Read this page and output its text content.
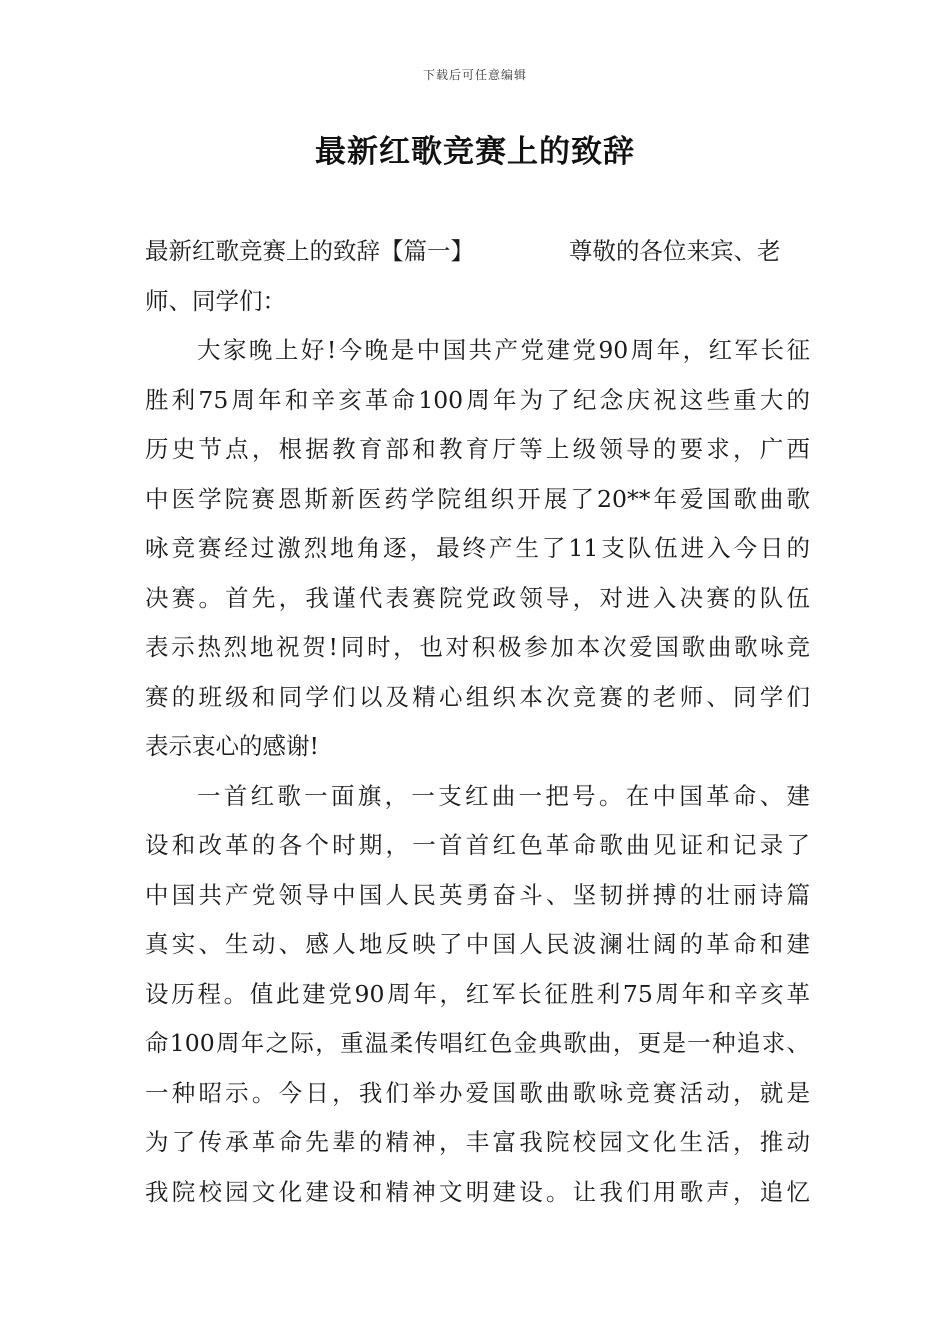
下载后可任意编辑
最新红歌竞赛上的致辞
最新红歌竞赛上的致辞【篇一】	尊敬的各位来宾、老
师、同学们：
大家晚上好!今晚是中国共产党建党90周年，红军长征
胜利75周年和辛亥革命100周年为了纪念庆祝这些重大的
历史节点，根据教育部和教育厅等上级领导的要求，广西
中医学院赛恩斯新医药学院组织开展了20**年爱国歌曲歌
咏竞赛经过激烈地角逐，最终产生了11支队伍进入今日的
决赛。首先，我谨代表赛院党政领导，对进入决赛的队伍
表示热烈地祝贺!同时，也对积极参加本次爱国歌曲歌咏竞
赛的班级和同学们以及精心组织本次竞赛的老师、同学们
表示衷心的感谢!
一首红歌一面旗，一支红曲一把号。在中国革命、建
设和改革的各个时期，一首首红色革命歌曲见证和记录了
中国共产党领导中国人民英勇奋斗、坚韧拼搏的壮丽诗篇
真实、生动、感人地反映了中国人民波澜壮阔的革命和建
设历程。值此建党90周年，红军长征胜利75周年和辛亥革
命100周年之际，重温柔传唱红色金典歌曲，更是一种追求、
一种昭示。今日，我们举办爱国歌曲歌咏竞赛活动，就是
为了传承革命先辈的精神，丰富我院校园文化生活，推动
我院校园文化建设和精神文明建设。让我们用歌声，追忆
